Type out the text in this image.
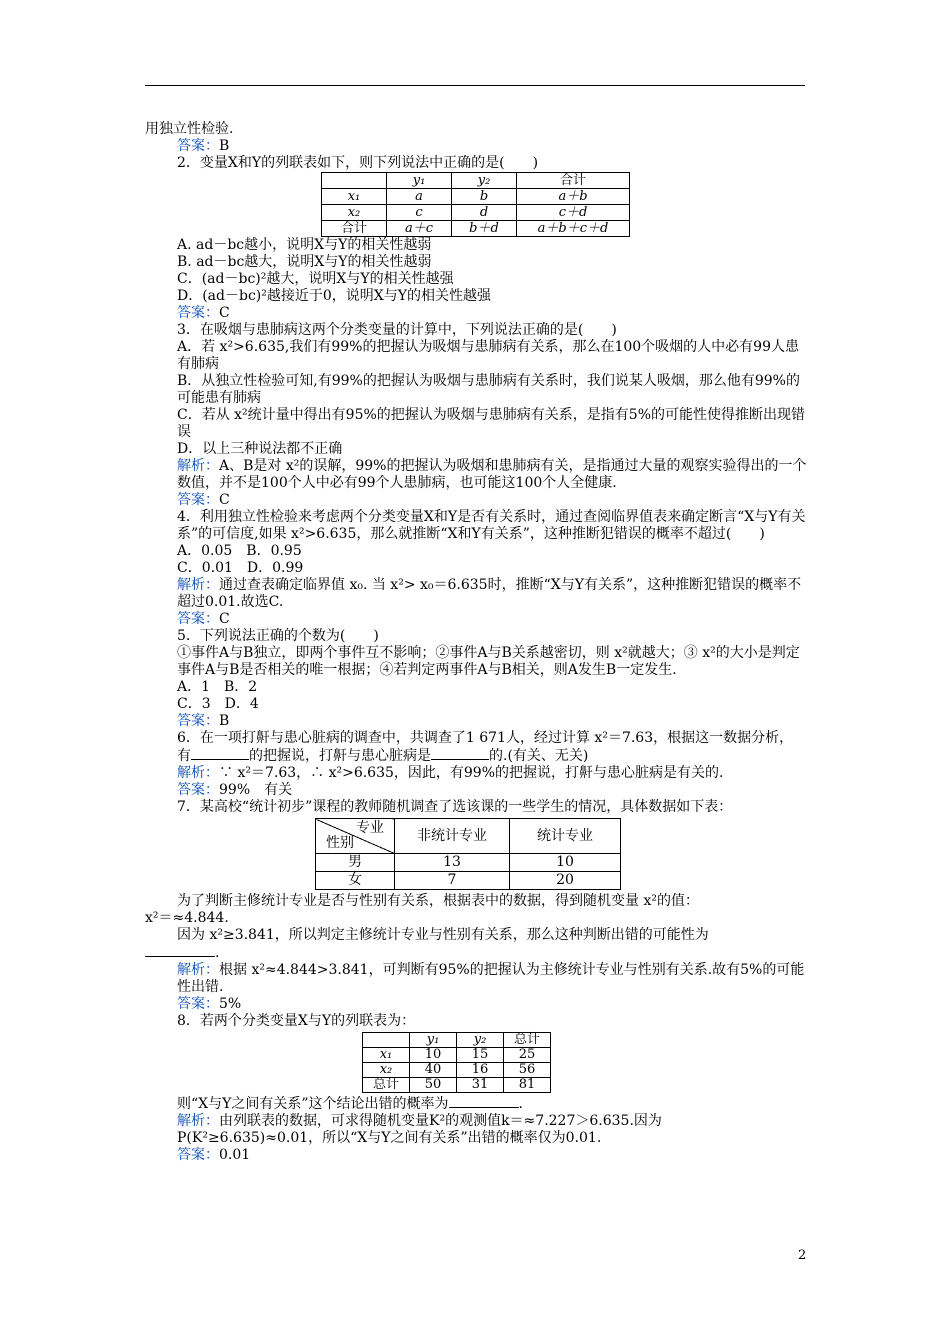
用独立性检验.

答案：B

2．变量X和Y的列联表如下，则下列说法中正确的是(　　)

	y₁	y₂	合计
x₁	a	b	a＋b
x₂	c	d	c＋d
合计	a＋c	b＋d	a＋b＋c＋d

A. ad－bc越小，说明X与Y的相关性越弱

B. ad－bc越大，说明X与Y的相关性越弱

C．(ad－bc)²越大，说明X与Y的相关性越强

D．(ad－bc)²越接近于0，说明X与Y的相关性越强

答案：C

3．在吸烟与患肺病这两个分类变量的计算中，下列说法正确的是(　　)

A．若 x²>6.635,我们有99%的把握认为吸烟与患肺病有关系，那么在100个吸烟的人中必有99人患有肺病

B．从独立性检验可知,有99%的把握认为吸烟与患肺病有关系时，我们说某人吸烟，那么他有99%的可能患有肺病

C．若从 x²统计量中得出有95%的把握认为吸烟与患肺病有关系，是指有5%的可能性使得推断出现错误

D．以上三种说法都不正确

解析：A、B是对 x²的误解，99%的把握认为吸烟和患肺病有关，是指通过大量的观察实验得出的一个数值，并不是100个人中必有99个人患肺病，也可能这100个人全健康.

答案：C

4．利用独立性检验来考虑两个分类变量X和Y是否有关系时，通过查阅临界值表来确定断言“X与Y有关系”的可信度,如果 x²>6.635，那么就推断“X和Y有关系”，这种推断犯错误的概率不超过(　　)

A．0.05　B．0.95

C．0.01　D．0.99

解析：通过查表确定临界值 x₀. 当 x²> x₀＝6.635时，推断“X与Y有关系”，这种推断犯错误的概率不超过0.01.故选C.

答案：C

5．下列说法正确的个数为(　　)

①事件A与B独立，即两个事件互不影响；②事件A与B关系越密切，则 x²就越大；③ x²的大小是判定事件A与B是否相关的唯一根据；④若判定两事件A与B相关，则A发生B一定发生.

A．1　B．2

C．3　D．4

答案：B

6．在一项打鼾与患心脏病的调查中，共调查了1 671人，经过计算 x²＝7.63，根据这一数据分析，有	的把握说，打鼾与患心脏病是	的.(有关、无关)

解析：∵ x²＝7.63，∴ x²>6.635，因此，有99%的把握说，打鼾与患心脏病是有关的.

答案：99%　有关

7．某高校“统计初步”课程的教师随机调查了选该课的一些学生的情况，具体数据如下表：

专业
性别	非统计专业	统计专业
男	13	10
女	7	20

为了判断主修统计专业是否与性别有关系，根据表中的数据，得到随机变量 x²的值：

x²＝≈4.844.

因为 x²≥3.841，所以判定主修统计专业与性别有关系，那么这种判断出错的可能性为

.

解析：根据 x²≈4.844>3.841，可判断有95%的把握认为主修统计专业与性别有关系.故有5%的可能性出错.

答案：5%

8．若两个分类变量X与Y的列联表为：

	y₁	y₂	总计
x₁	10	15	25
x₂	40	16	56
总计	50	31	81

则“X与Y之间有关系”这个结论出错的概率为	.

解析：由列联表的数据，可求得随机变量K²的观测值k＝≈7.227＞6.635.因为P(K²≥6.635)≈0.01，所以“X与Y之间有关系”出错的概率仅为0.01.

答案：0.01

2
